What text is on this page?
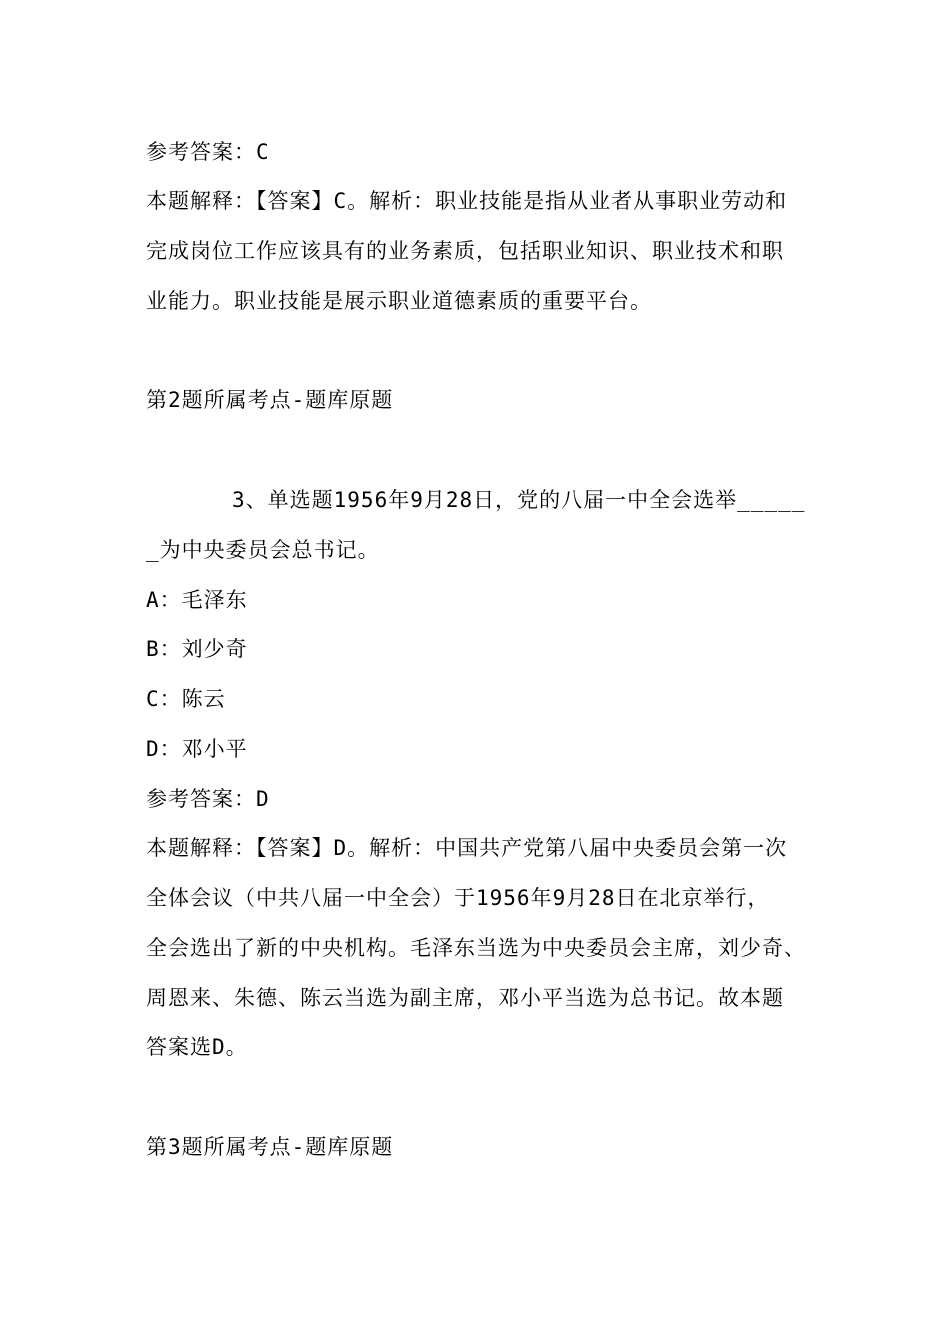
参考答案：C
本题解释：【答案】C。解析：职业技能是指从业者从事职业劳动和
完成岗位工作应该具有的业务素质，包括职业知识、职业技术和职
业能力。职业技能是展示职业道德素质的重要平台。
第2题所属考点-题库原题
3、单选题1956年9月28日，党的八届一中全会选举_____
_为中央委员会总书记。
A：毛泽东
B：刘少奇
C：陈云
D：邓小平
参考答案：D
本题解释：【答案】D。解析：中国共产党第八届中央委员会第一次
全体会议（中共八届一中全会）于1956年9月28日在北京举行，
全会选出了新的中央机构。毛泽东当选为中央委员会主席，刘少奇、
周恩来、朱德、陈云当选为副主席，邓小平当选为总书记。故本题
答案选D。
第3题所属考点-题库原题
